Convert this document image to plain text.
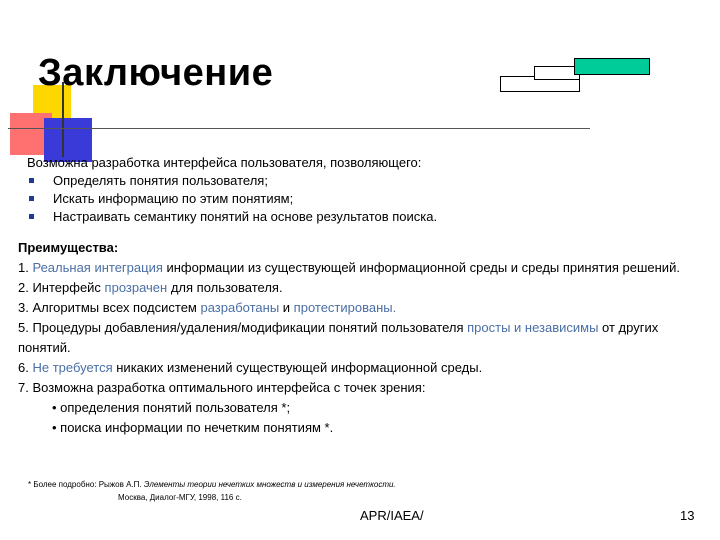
Заключение
Возможна разработка интерфейса пользователя, позволяющего:
Определять понятия пользователя;
Искать информацию по этим понятиям;
Настраивать семантику понятий на основе результатов поиска.

Преимущества:

1. Реальная интеграция информации из существующей информационной среды и среды принятия решений.

2. Интерфейс прозрачен для пользователя.

3. Алгоритмы всех подсистем разработаны и протестированы.

5. Процедуры добавления/удаления/модификации понятий пользователя просты и независимы от других понятий.

6. Не требуется никаких изменений существующей информационной среды.

7. Возможна разработка оптимального интерфейса с точек зрения:

• определения понятий пользователя *;

• поиска информации по нечетким понятиям *.

* Более подробно: Рыжов А.П. Элементы теории нечетких множеств и измерения нечеткости.
Москва, Диалог-МГУ, 1998, 116 с.
APR/IAEA/	13
